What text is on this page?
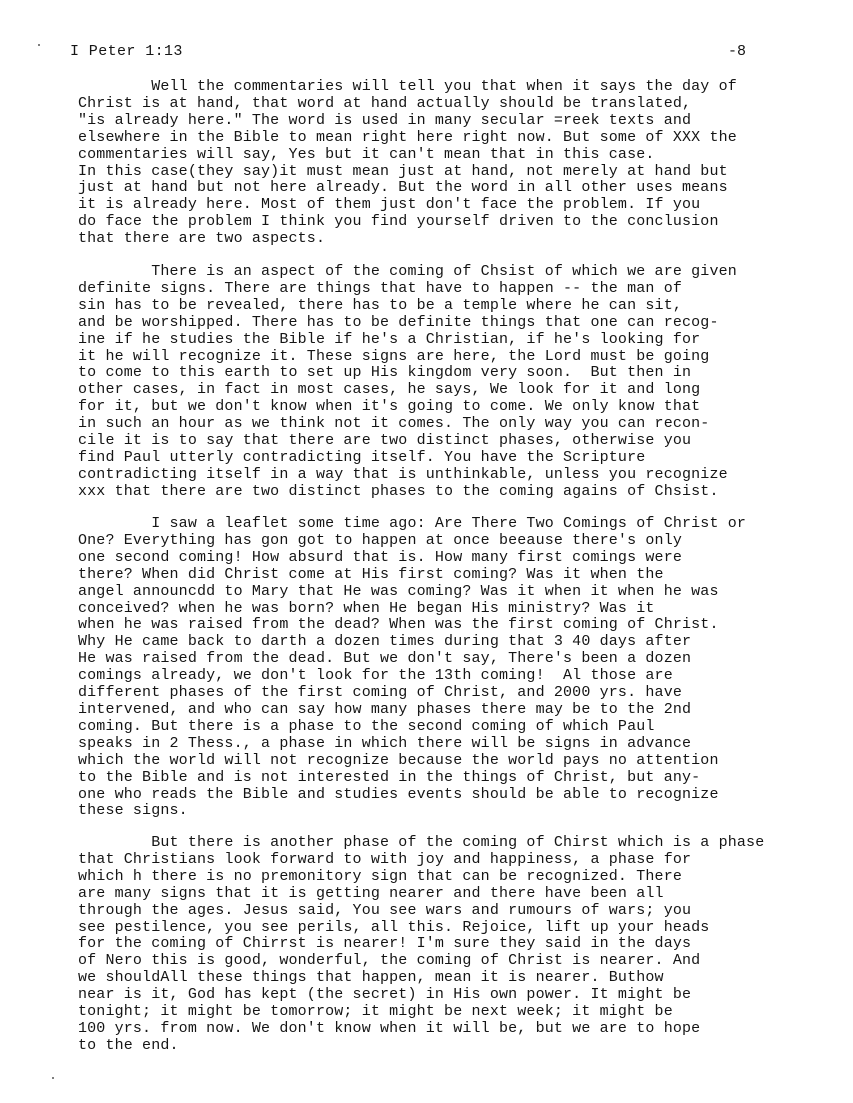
I Peter 1:13	-8

Well the commentaries will tell you that when it says the day of
Christ is at hand, that word at hand actually should be translated,
"is already here." The word is used in many secular =reek texts and
elsewhere in the Bible to mean right here right now. But some of XXX the
commentaries will say, Yes but it can't mean that in this case.
In this case(they say)it must mean just at hand, not merely at hand but
just at hand but not here already. But the word in all other uses means
it is already here. Most of them just don't face the problem. If you
do face the problem I think you find yourself driven to the conclusion
that there are two aspects.

There is an aspect of the coming of Chsist of which we are given
definite signs. There are things that have to happen -- the man of
sin has to be revealed, there has to be a temple where he can sit,
and be worshipped. There has to be definite things that one can recog-
ine if he studies the Bible if he's a Christian, if he's looking for
it he will recognize it. These signs are here, the Lord must be going
to come to this earth to set up His kingdom very soon.  But then in
other cases, in fact in most cases, he says, We look for it and long
for it, but we don't know when it's going to come. We only know that
in such an hour as we think not it comes. The only way you can recon-
cile it is to say that there are two distinct phases, otherwise you
find Paul utterly contradicting itself. You have the Scripture
contradicting itself in a way that is unthinkable, unless you recognize
xxx that there are two distinct phases to the coming agains of Chsist.

I saw a leaflet some time ago: Are There Two Comings of Christ or
One? Everything has gon got to happen at once beeause there's only
one second coming! How absurd that is. How many first comings were
there? When did Christ come at His first coming? Was it when the
angel announcdd to Mary that He was coming? Was it when it when he was
conceived? when he was born? when He began His ministry? Was it
when he was raised from the dead? When was the first coming of Christ.
Why He came back to darth a dozen times during that 3 40 days after
He was raised from the dead. But we don't say, There's been a dozen
comings already, we don't look for the 13th coming!  Al those are
different phases of the first coming of Christ, and 2000 yrs. have
intervened, and who can say how many phases there may be to the 2nd
coming. But there is a phase to the second coming of which Paul
speaks in 2 Thess., a phase in which there will be signs in advance
which the world will not recognize because the world pays no attention
to the Bible and is not interested in the things of Christ, but any-
one who reads the Bible and studies events should be able to recognize
these signs.

But there is another phase of the coming of Chirst which is a phase
that Christians look forward to with joy and happiness, a phase for
which h there is no premonitory sign that can be recognized. There
are many signs that it is getting nearer and there have been all
through the ages. Jesus said, You see wars and rumours of wars; you
see pestilence, you see perils, all this. Rejoice, lift up your heads
for the coming of Chirrst is nearer! I'm sure they said in the days
of Nero this is good, wonderful, the coming of Christ is nearer. And
we shouldAll these things that happen, mean it is nearer. Buthow
near is it, God has kept (the secret) in His own power. It might be
tonight; it might be tomorrow; it might be next week; it might be
100 yrs. from now. We don't know when it will be, but we are to hope
to the end.
